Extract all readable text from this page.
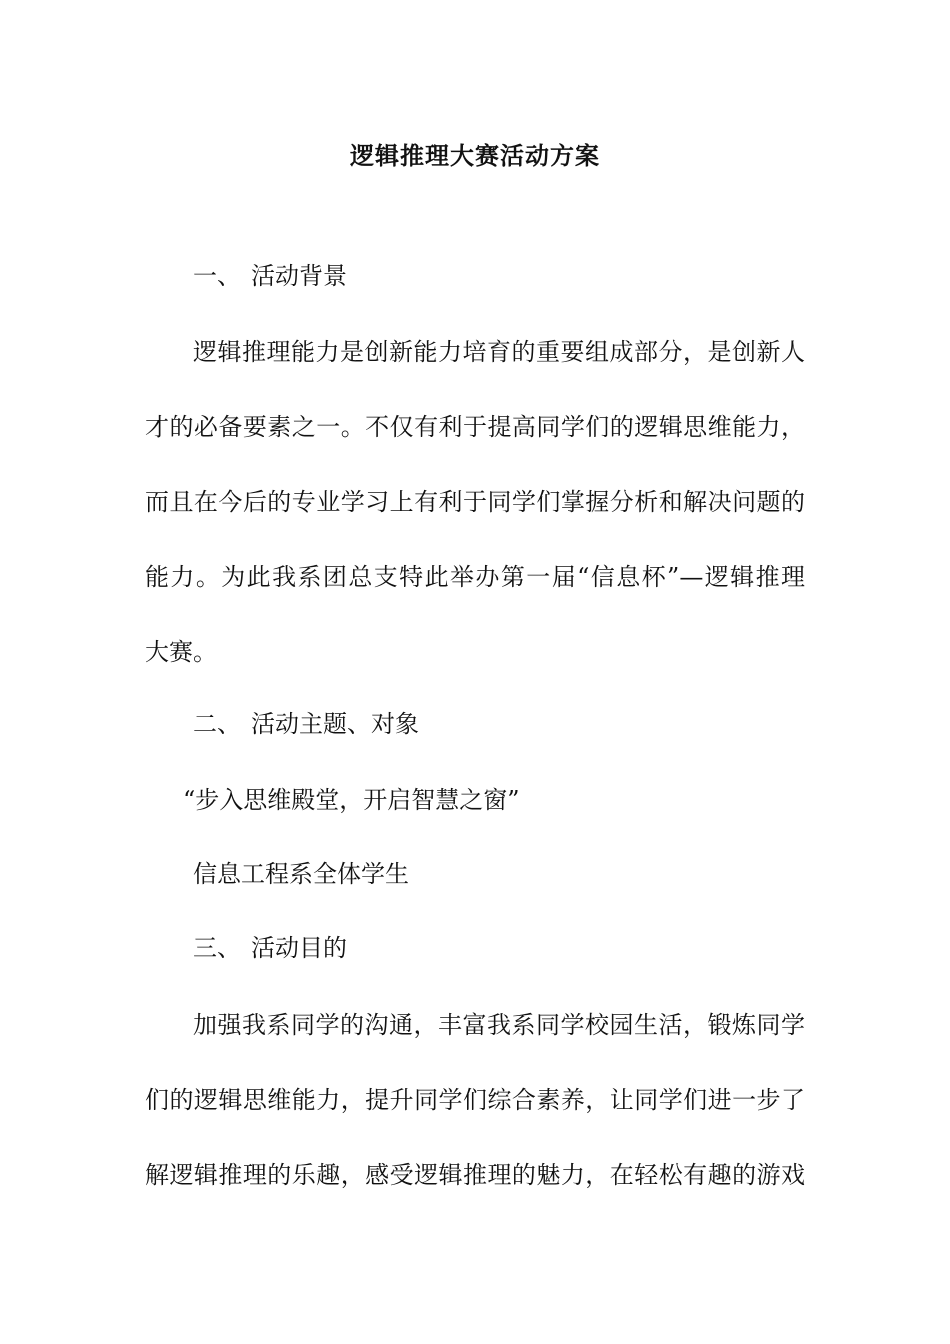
逻辑推理大赛活动方案
一、 活动背景
逻辑推理能力是创新能力培育的重要组成部分，是创新人
才的必备要素之一。不仅有利于提高同学们的逻辑思维能力，
而且在今后的专业学习上有利于同学们掌握分析和解决问题的
能力。为此我系团总支特此举办第一届“信息杯”—逻辑推理
大赛。
二、 活动主题、对象
“步入思维殿堂，开启智慧之窗”
信息工程系全体学生
三、 活动目的
加强我系同学的沟通，丰富我系同学校园生活，锻炼同学
们的逻辑思维能力，提升同学们综合素养，让同学们进一步了
解逻辑推理的乐趣，感受逻辑推理的魅力，在轻松有趣的游戏
